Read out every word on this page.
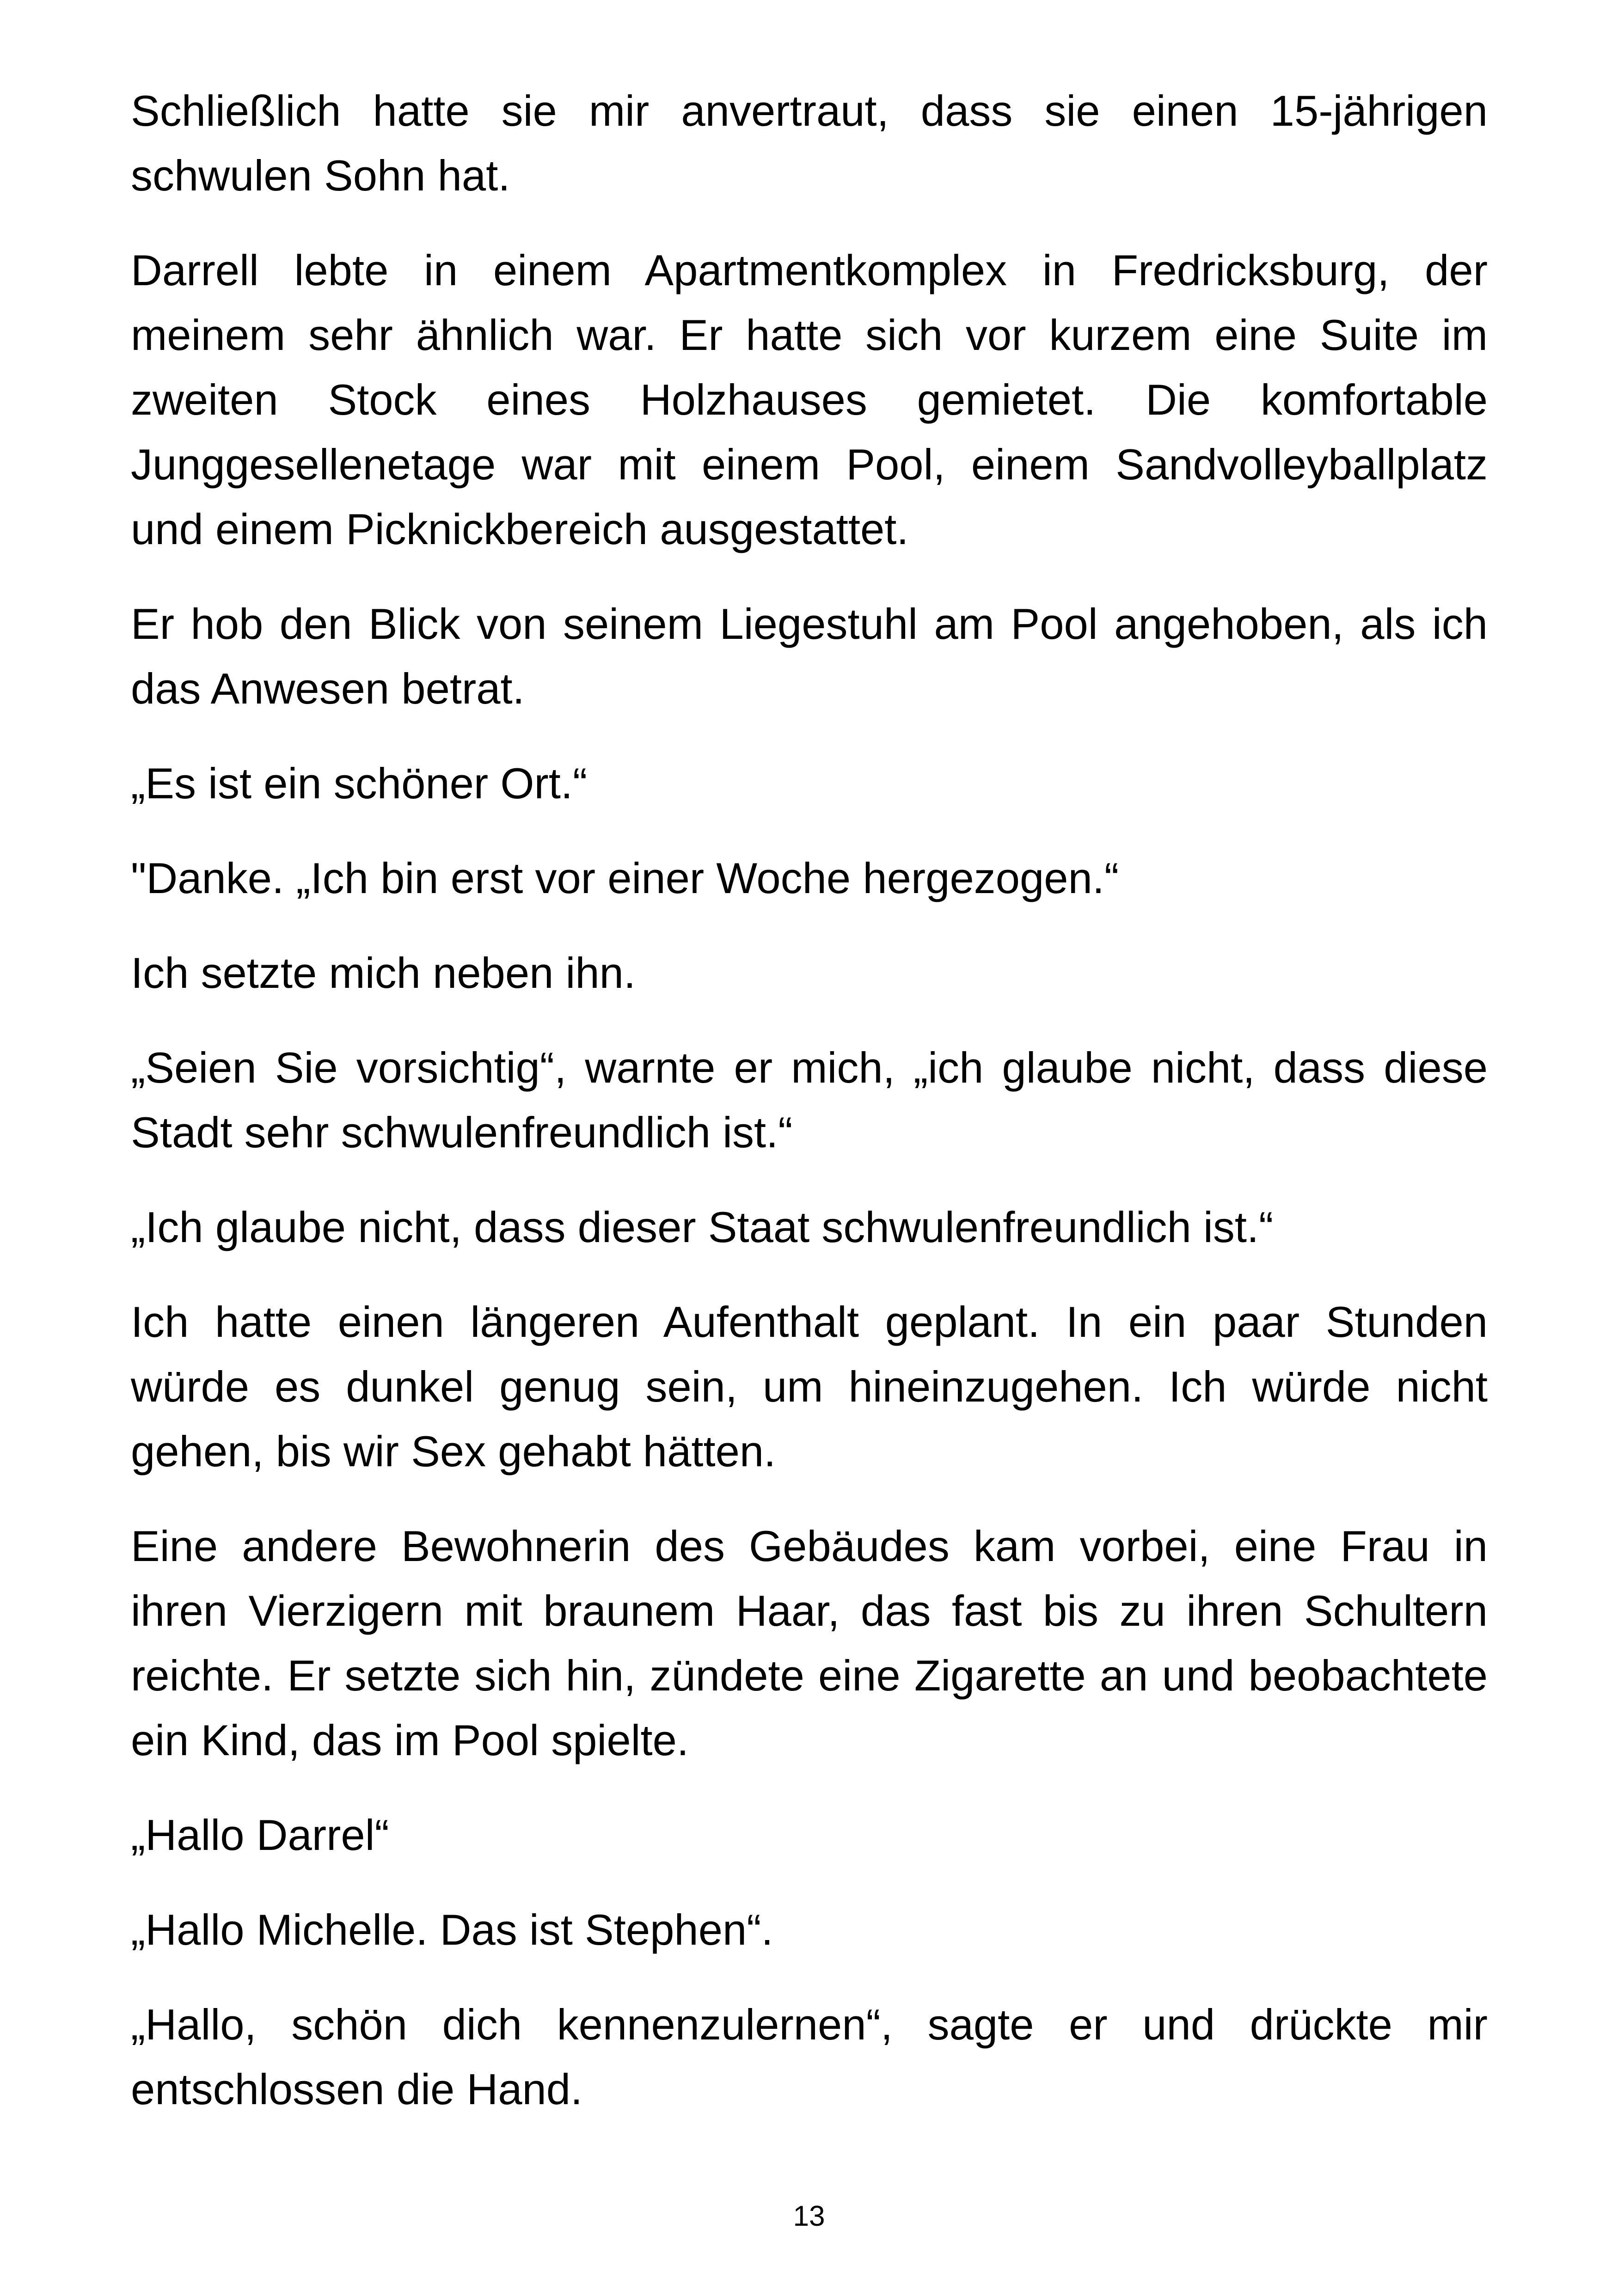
Schließlich hatte sie mir anvertraut, dass sie einen 15-jährigen schwulen Sohn hat.

Darrell lebte in einem Apartmentkomplex in Fredricksburg, der meinem sehr ähnlich war. Er hatte sich vor kurzem eine Suite im zweiten Stock eines Holzhauses gemietet. Die komfortable Junggesellenetage war mit einem Pool, einem Sandvolleyballplatz und einem Picknickbereich ausgestattet.

Er hob den Blick von seinem Liegestuhl am Pool angehoben, als ich das Anwesen betrat.

„Es ist ein schöner Ort.“

"Danke. „Ich bin erst vor einer Woche hergezogen.“

Ich setzte mich neben ihn.

„Seien Sie vorsichtig“, warnte er mich, „ich glaube nicht, dass diese Stadt sehr schwulenfreundlich ist.“

„Ich glaube nicht, dass dieser Staat schwulenfreundlich ist.“

Ich hatte einen längeren Aufenthalt geplant. In ein paar Stunden würde es dunkel genug sein, um hineinzugehen. Ich würde nicht gehen, bis wir Sex gehabt hätten.

Eine andere Bewohnerin des Gebäudes kam vorbei, eine Frau in ihren Vierzigern mit braunem Haar, das fast bis zu ihren Schultern reichte. Er setzte sich hin, zündete eine Zigarette an und beobachtete ein Kind, das im Pool spielte.

„Hallo Darrel“

„Hallo Michelle. Das ist Stephen“.

„Hallo, schön dich kennenzulernen“, sagte er und drückte mir entschlossen die Hand.

13
